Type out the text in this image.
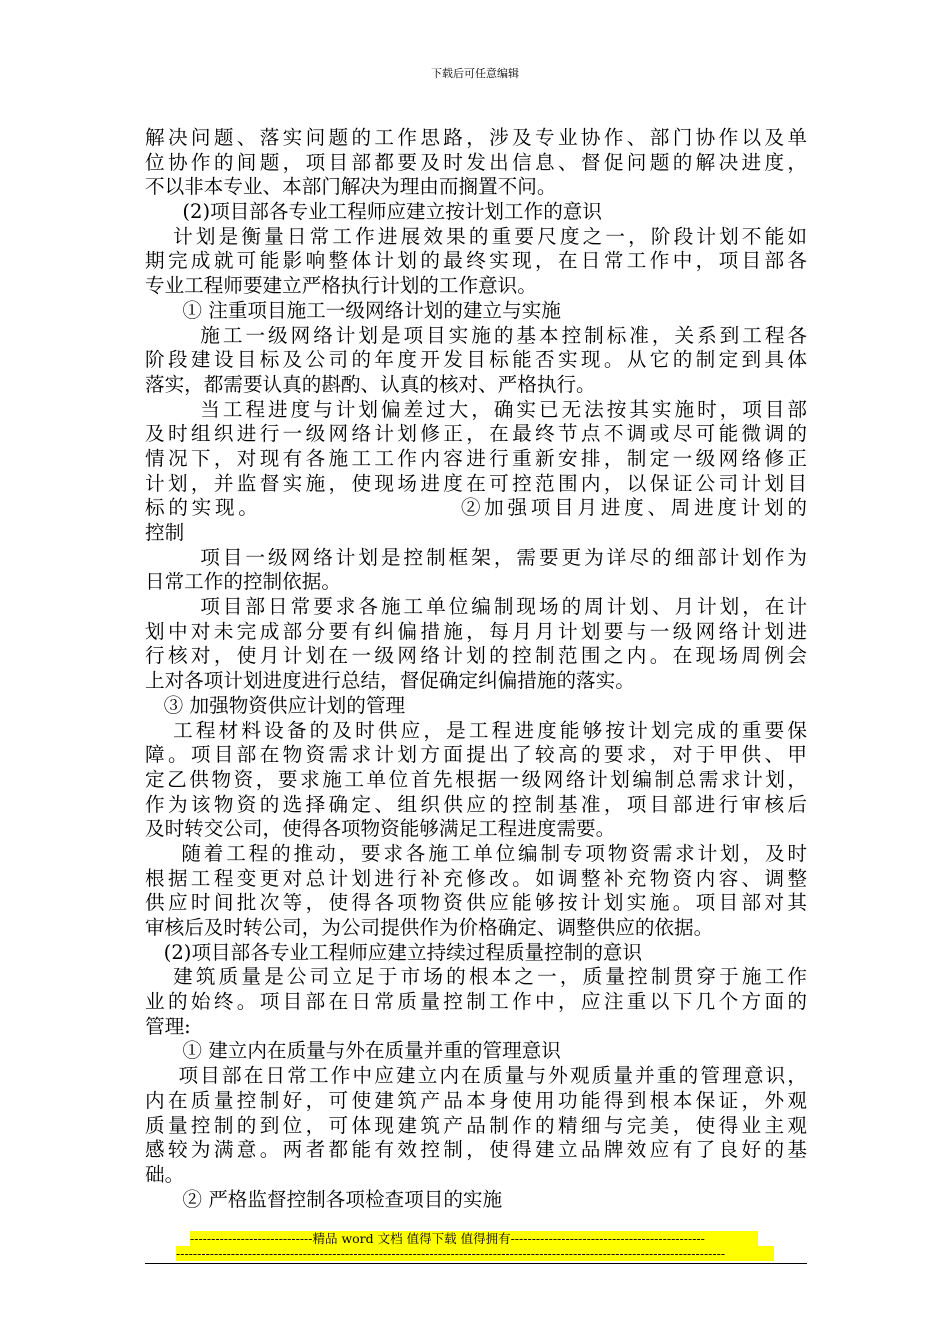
下载后可任意编辑
解决问题、落实问题的工作思路，涉及专业协作、部门协作以及单
位协作的间题，项目部都要及时发出信息、督促问题的解决进度，
不以非本专业、本部门解决为理由而搁置不问。
(2)项目部各专业工程师应建立按计划工作的意识
计划是衡量日常工作进展效果的重要尺度之一，阶段计划不能如
期完成就可能影响整体计划的最终实现，在日常工作中，项目部各
专业工程师要建立严格执行计划的工作意识。
① 注重项目施工一级网络计划的建立与实施
施工一级网络计划是项目实施的基本控制标准，关系到工程各
阶段建设目标及公司的年度开发目标能否实现。从它的制定到具体
落实，都需要认真的斟酌、认真的核对、严格执行。
当工程进度与计划偏差过大，确实已无法按其实施时，项目部
及时组织进行一级网络计划修正，在最终节点不调或尽可能微调的
情况下，对现有各施工工作内容进行重新安排，制定一级网络修正
计划，并监督实施，使现场进度在可控范围内，以保证公司计划目
标的实现。                    ②加强项目月进度、周进度计划的
控制
项目一级网络计划是控制框架，需要更为详尽的细部计划作为
日常工作的控制依据。
项目部日常要求各施工单位编制现场的周计划、月计划，在计
划中对未完成部分要有纠偏措施，每月月计划要与一级网络计划进
行核对，使月计划在一级网络计划的控制范围之内。在现场周例会
上对各项计划进度进行总结，督促确定纠偏措施的落实。
③ 加强物资供应计划的管理
工程材料设备的及时供应，是工程进度能够按计划完成的重要保
障。项目部在物资需求计划方面提出了较高的要求，对于甲供、甲
定乙供物资，要求施工单位首先根据一级网络计划编制总需求计划，
作为该物资的选择确定、组织供应的控制基准，项目部进行审核后
及时转交公司，使得各项物资能够满足工程进度需要。
随着工程的推动，要求各施工单位编制专项物资需求计划，及时
根据工程变更对总计划进行补充修改。如调整补充物资内容、调整
供应时间批次等，使得各项物资供应能够按计划实施。项目部对其
审核后及时转公司，为公司提供作为价格确定、调整供应的依据。
(2)项目部各专业工程师应建立持续过程质量控制的意识
建筑质量是公司立足于市场的根本之一，质量控制贯穿于施工作
业的始终。项目部在日常质量控制工作中，应注重以下几个方面的
管理:
① 建立内在质量与外在质量并重的管理意识
项目部在日常工作中应建立内在质量与外观质量并重的管理意识，
内在质量控制好，可使建筑产品本身使用功能得到根本保证，外观
质量控制的到位，可体现建筑产品制作的精细与完美，使得业主观
感较为满意。两者都能有效控制，使得建立品牌效应有了良好的基
础。
② 严格监督控制各项检查项目的实施
-----------------------------精品 word 文档 值得下载 值得拥有----------------------------------------------
----------------------------------------------------------------------------------------------------------------------------------
